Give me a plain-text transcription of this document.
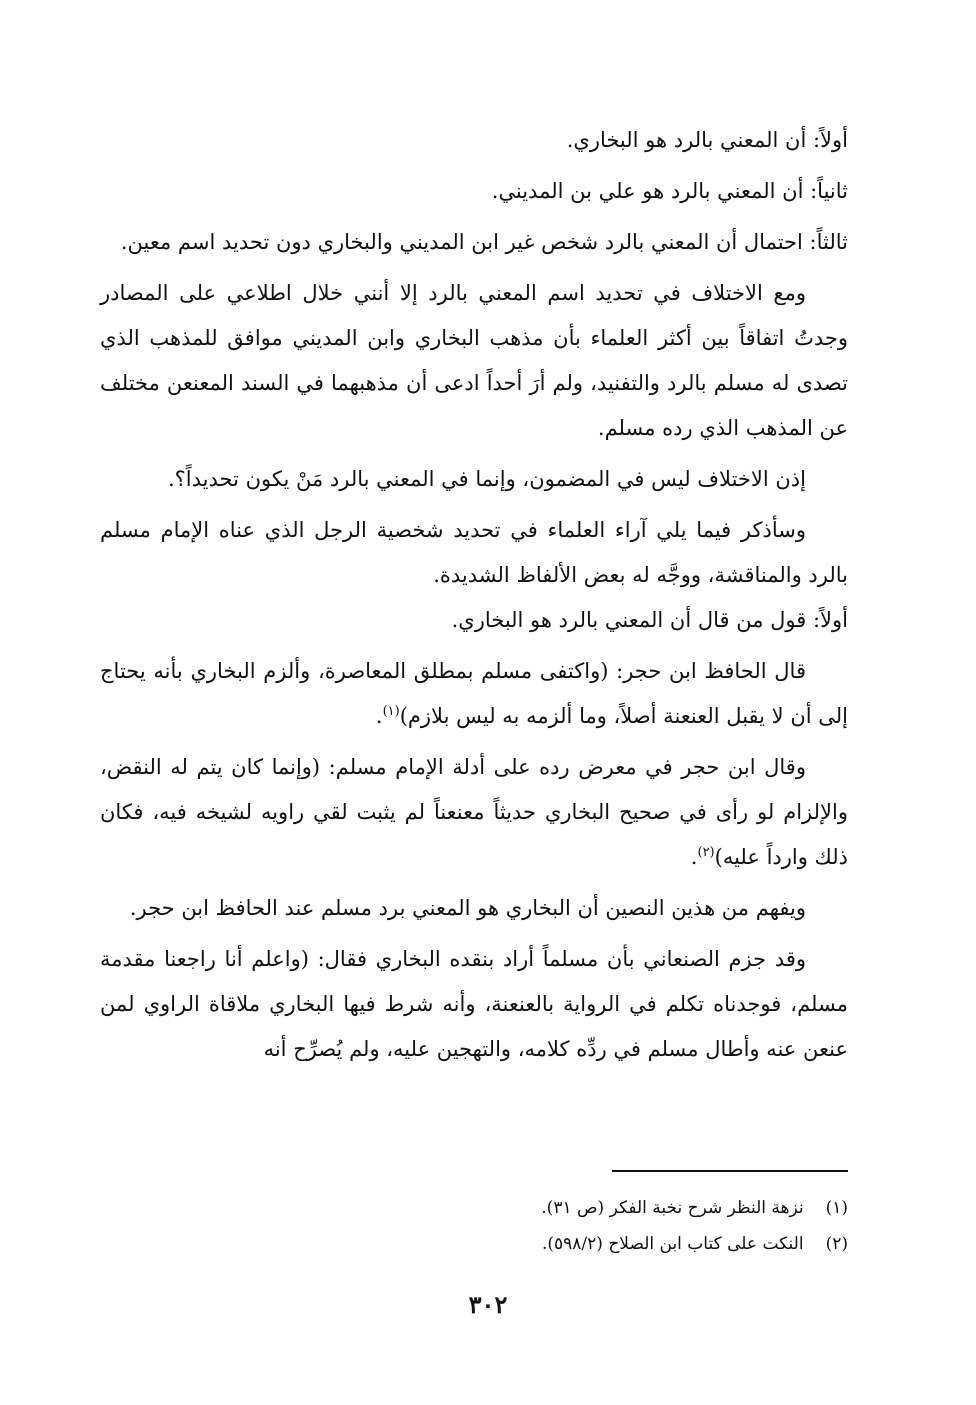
أولاً: أن المعني بالرد هو البخاري.

ثانياً: أن المعني بالرد هو علي بن المديني.

ثالثاً: احتمال أن المعني بالرد شخص غير ابن المديني والبخاري دون تحديد اسم معين.

ومع الاختلاف في تحديد اسم المعني بالرد إلا أنني خلال اطلاعي على المصادر وجدتُ اتفاقاً بين أكثر العلماء بأن مذهب البخاري وابن المديني موافق للمذهب الذي تصدى له مسلم بالرد والتفنيد، ولم أرَ أحداً ادعى أن مذهبهما في السند المعنعن مختلف عن المذهب الذي رده مسلم.

إذن الاختلاف ليس في المضمون، وإنما في المعني بالرد مَنْ يكون تحديداً؟.

وسأذكر فيما يلي آراء العلماء في تحديد شخصية الرجل الذي عناه الإمام مسلم بالرد والمناقشة، ووجَّه له بعض الألفاظ الشديدة.

أولاً: قول من قال أن المعني بالرد هو البخاري.

قال الحافظ ابن حجر: (واكتفى مسلم بمطلق المعاصرة، وألزم البخاري بأنه يحتاج إلى أن لا يقبل العنعنة أصلاً، وما ألزمه به ليس بلازم)$^{(١)}$.

وقال ابن حجر في معرض رده على أدلة الإمام مسلم: (وإنما كان يتم له النقض، والإلزام لو رأى في صحيح البخاري حديثاً معنعناً لم يثبت لقي راويه لشيخه فيه، فكان ذلك وارداً عليه)$^{(٢)}$.

ويفهم من هذين النصين أن البخاري هو المعني برد مسلم عند الحافظ ابن حجر.

وقد جزم الصنعاني بأن مسلماً أراد بنقده البخاري فقال: (واعلم أنا راجعنا مقدمة مسلم، فوجدناه تكلم في الرواية بالعنعنة، وأنه شرط فيها البخاري ملاقاة الراوي لمن عنعن عنه وأطال مسلم في ردِّه كلامه، والتهجين عليه، ولم يُصرِّح أنه

(١)نزهة النظر شرح نخبة الفكر (ص ٣١).
(٢)النكت على كتاب ابن الصلاح (٥٩٨/٢).
٣٠٢
